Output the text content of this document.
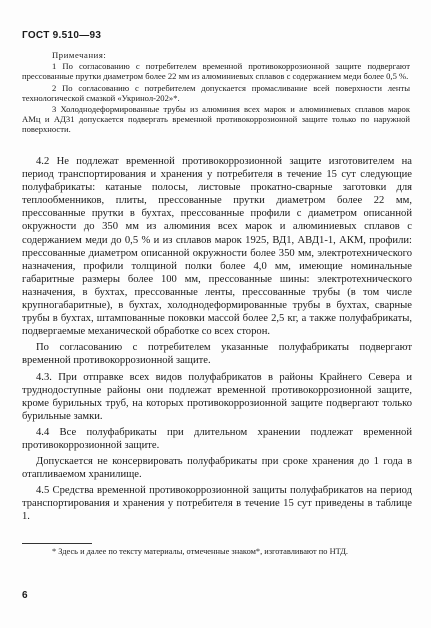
ГОСТ 9.510—93
Примечания:

1 По согласованию с потребителем временной противокоррозионной защите подвергают прессованные прутки диаметром более 22 мм из алюминиевых сплавов с содержанием меди более 0,5 %.

2 По согласованию с потребителем допускается промасливание всей поверхности ленты технологической смазкой «Укринол-202»*.

3 Холоднодеформированные трубы из алюминия всех марок и алюминиевых сплавов марок АМц и АД31 допускается подвергать временной противокоррозионной защите только по наружной поверхности.

4.2 Не подлежат временной противокоррозионной защите изготовителем на период транспортирования и хранения у потребителя в течение 15 сут следующие полуфабрикаты: катаные полосы, листовые прокатно-сварные заготовки для теплообменников, плиты, прессованные прутки диаметром более 22 мм, прессованные прутки в бухтах, прессованные профили с диаметром описанной окружности до 350 мм из алюминия всех марок и алюминиевых сплавов с содержанием меди до 0,5 % и из сплавов марок 1925, ВД1, АВД1-1, АКМ, профили: прессованные диаметром описанной окружности более 350 мм, электротехнического назначения, профили толщиной полки более 4,0 мм, имеющие номинальные габаритные размеры более 100 мм, прессованные шины: электротехнического назначения, в бухтах, прессованные ленты, прессованные трубы (в том числе крупногабаритные), в бухтах, холоднодеформированные трубы в бухтах, сварные трубы в бухтах, штампованные поковки массой более 2,5 кг, а также полуфабрикаты, подвергаемые механической обработке со всех сторон.

По согласованию с потребителем указанные полуфабрикаты подвергают временной противокоррозионной защите.

4.3. При отправке всех видов полуфабрикатов в районы Крайнего Севера и труднодоступные районы они подлежат временной противокоррозионной защите, кроме бурильных труб, на которых противокоррозионной защите подвергают только бурильные замки.

4.4 Все полуфабрикаты при длительном хранении подлежат временной противокоррозионной защите.

Допускается не консервировать полуфабрикаты при сроке хранения до 1 года в отапливаемом хранилище.

4.5 Средства временной противокоррозионной защиты полуфабрикатов на период транспортирования и хранения у потребителя в течение 15 сут приведены в таблице 1.

* Здесь и далее по тексту материалы, отмеченные знаком*, изготавливают по НТД.
6
